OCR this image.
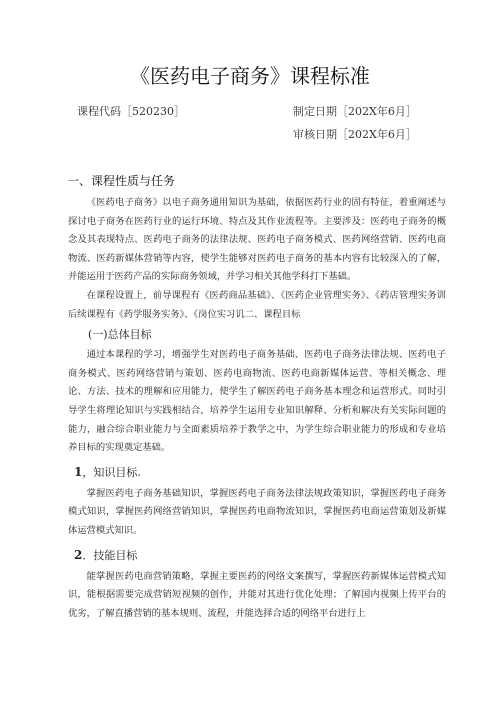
《医药电子商务》课程标准
课程代码［520230］	制定日期［202X年6月］
审核日期［202X年6月］
一、课程性质与任务

《医药电子商务》以电子商务通用知识为基础，依据医药行业的固有特征，着重阐述与探讨电子商务在医药行业的运行环境、特点及其作业流程等。主要涉及：医药电子商务的概念及其表现特点、医药电子商务的法律法规、医药电子商务模式、医药网络营销、医药电商物流、医药新媒体营销等内容，使学生能够对医药电子商务的基本内容有比较深入的了解，并能运用于医药产品的实际商务领域，并学习相关其他学科打下基础。

在课程设置上，前导课程有《医药商品基础》、《医药企业管理实务》、《药店管理实务训后续课程有《药学服务实务》、《岗位实习讥二、课程目标

(一)总体目标

通过本课程的学习，增强学生对医药电子商务基础、医药电子商务法律法规、医药电子商务模式、医药网络营销与策划、医药电商物流、医药电商新媒体运营、等相关概念、理论、方法、技术的理解和应用能力，使学生了解医药电子商务基本理念和运营形式。同时引导学生将理论知识与实践相结合，培养学生运用专业知识解释、分析和解决有关实际问题的能力，融合综合职业能力与全面素质培养于教学之中，为学生综合职业能力的形成和专业培养目标的实现奠定基础。

1，知识目标.

掌握医药电子商务基础知识，掌握医药电子商务法律法规政策知识，掌握医药电子商务模式知识，掌握医药网络营销知识，掌握医药电商物流知识，掌握医药电商运营策划及新媒体运营模式知识。

2．技能目标

能掌握医药电商营销策略，掌握主要医药的网络文案撰写，掌握医药新媒体运营模式知识，能根据需要完成营销短视频的创作，并能对其进行优化处理；了解国内视频上传平台的优劣，了解直播营销的基本规则、流程，并能选择合适的网络平台进行上
